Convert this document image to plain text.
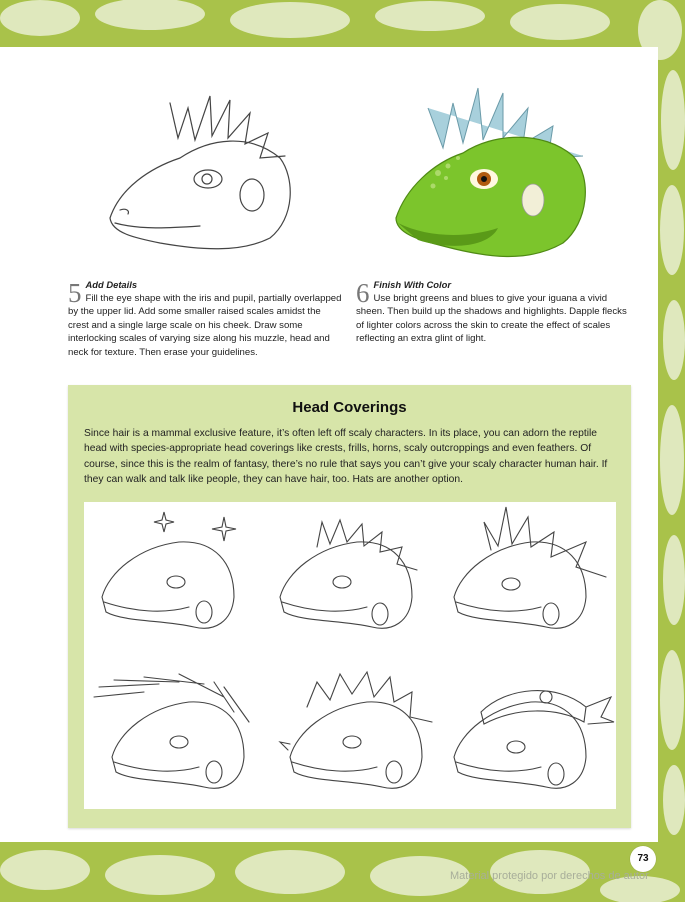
5 Add Details
Fill the eye shape with the iris and pupil, partially overlapped by the upper lid. Add some smaller raised scales amidst the crest and a single large scale on his cheek. Draw some interlocking scales of varying size along his muzzle, head and neck for texture. Then erase your guidelines.
6 Finish With Color
Use bright greens and blues to give your iguana a vivid sheen. Then build up the shadows and highlights. Dapple flecks of lighter colors across the skin to create the effect of scales reflecting an extra glint of light.
Head Coverings

Since hair is a mammal exclusive feature, it’s often left off scaly characters. In its place, you can adorn the reptile head with species-appropriate head coverings like crests, frills, horns, scaly outcroppings and even feathers. Of course, since this is the realm of fantasy, there’s no rule that says you can’t give your scaly character human hair. If they can walk and talk like people, they can have hair, too. Hats are another option.

73
Material protegido por derechos de autor
